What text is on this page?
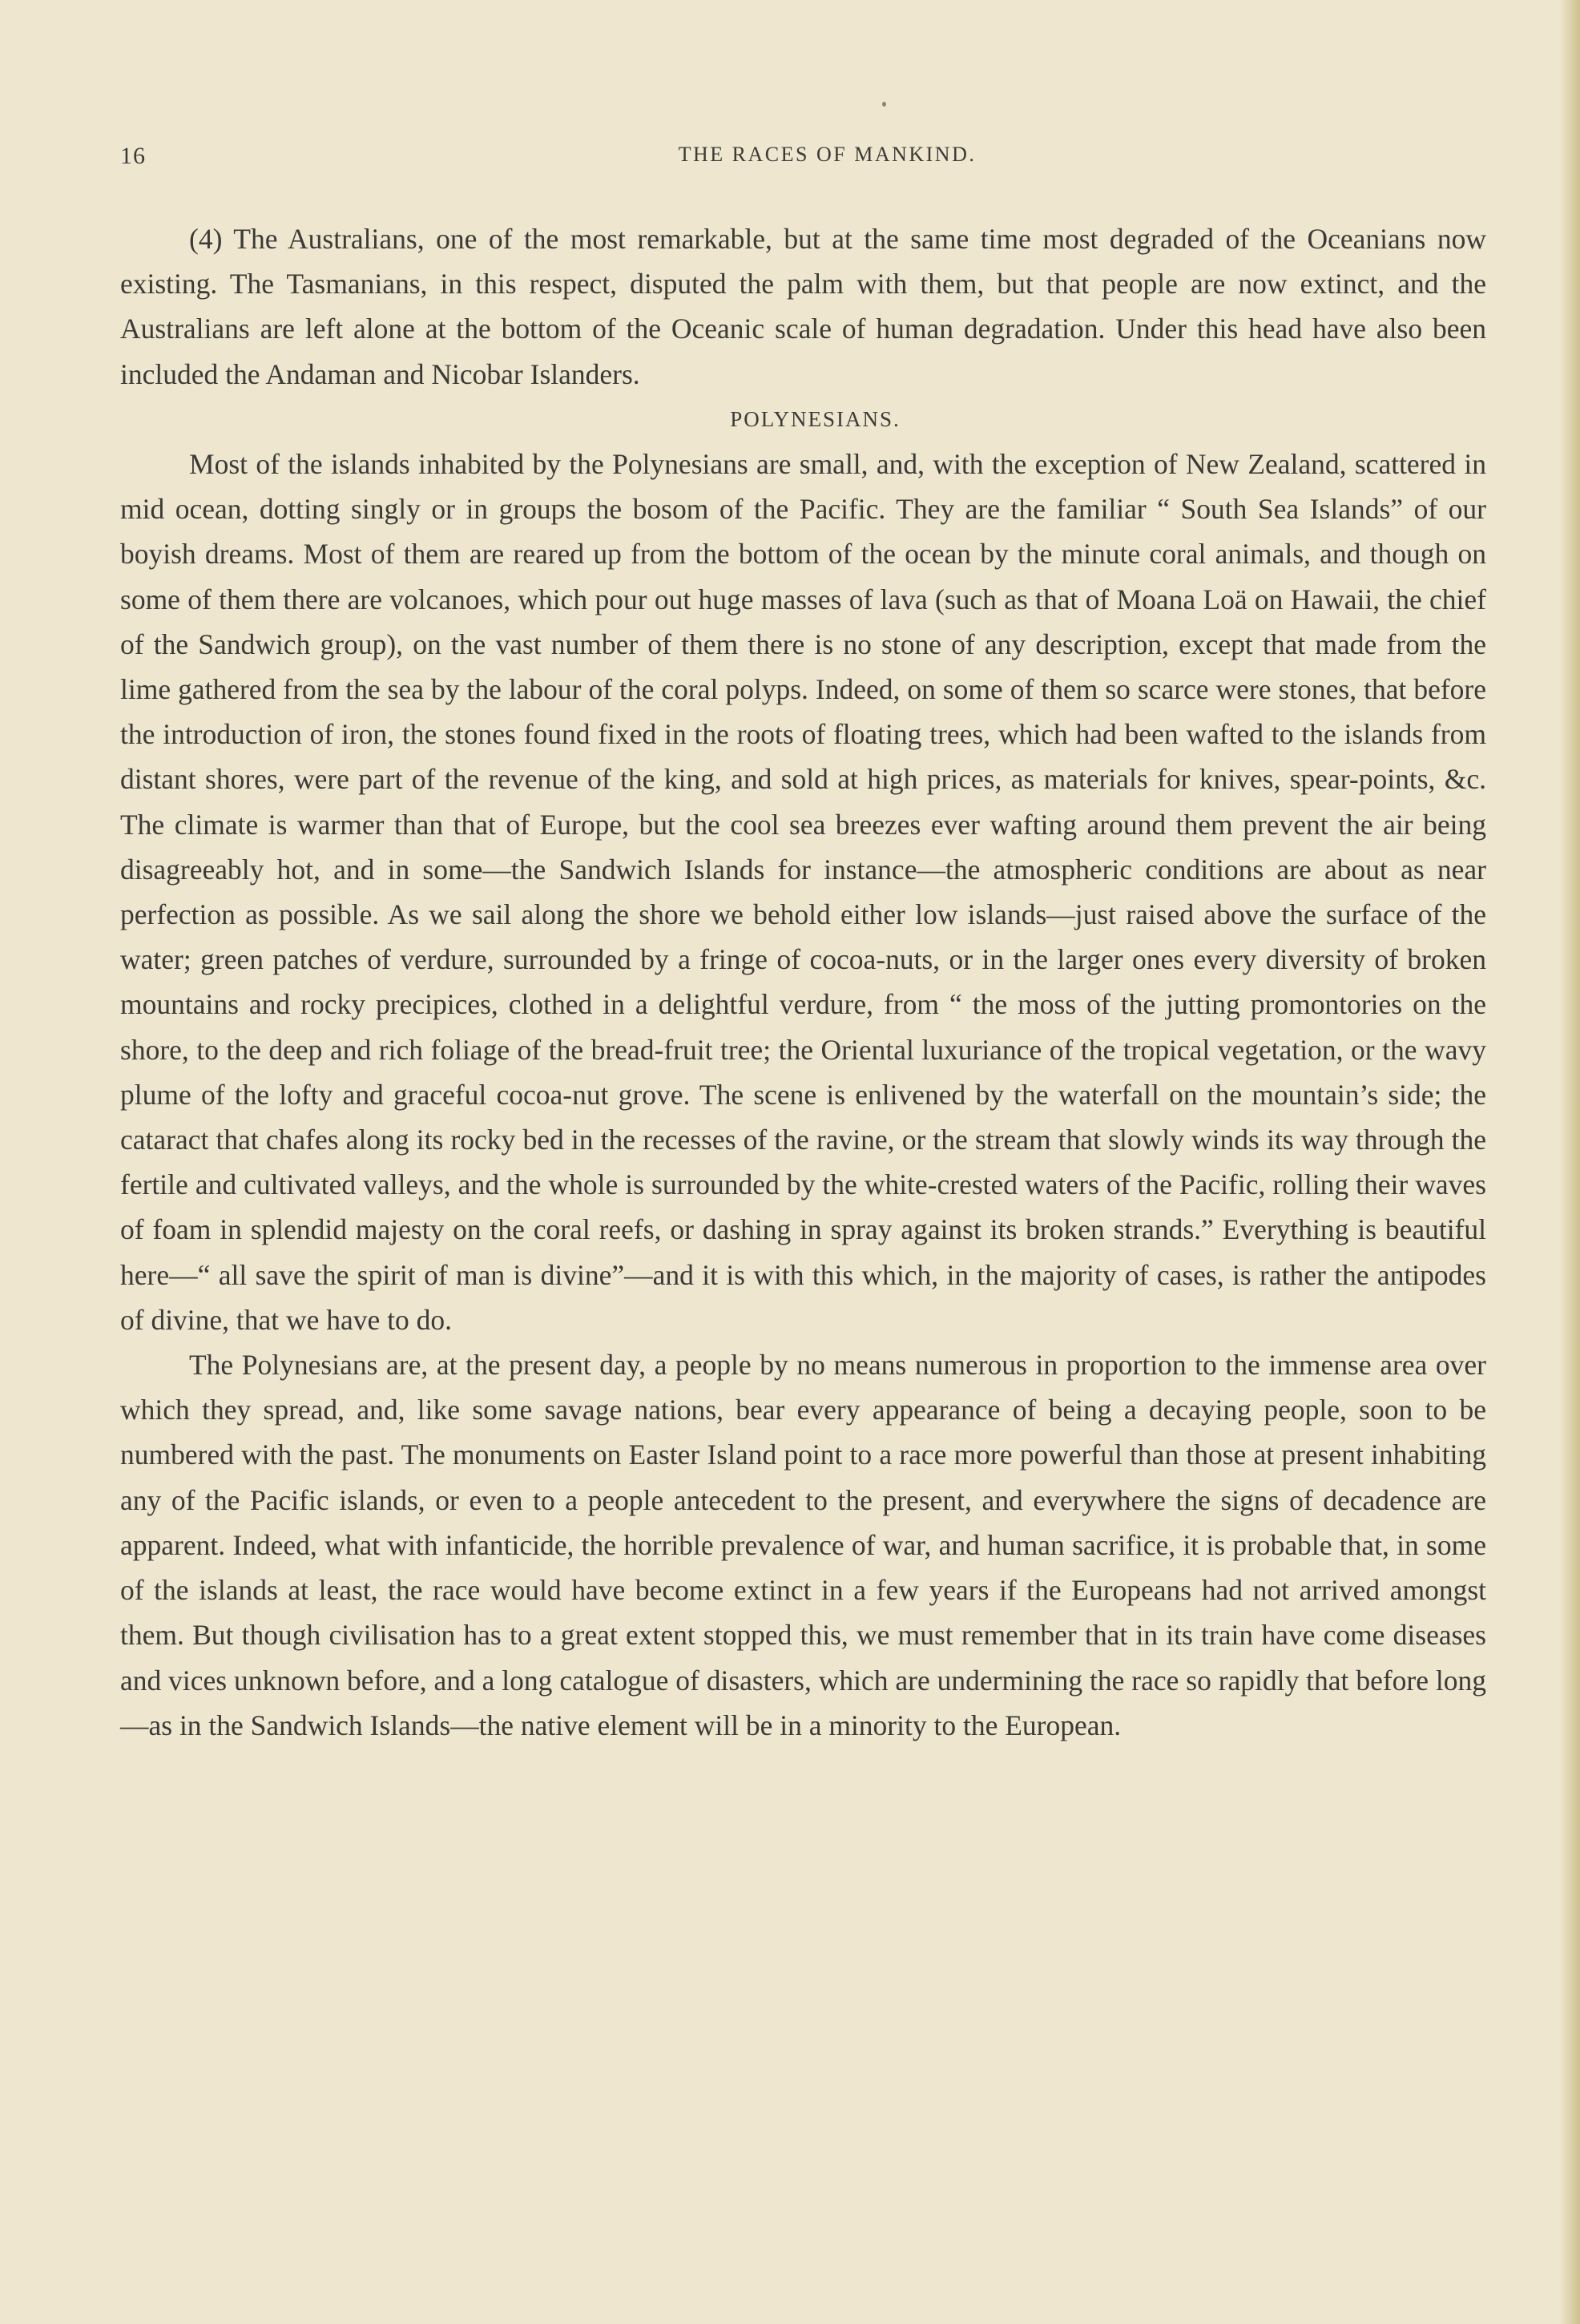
16	THE RACES OF MANKIND.

(4) The Australians, one of the most remarkable, but at the same time most degraded of the Oceanians now existing. The Tasmanians, in this respect, disputed the palm with them, but that people are now extinct, and the Australians are left alone at the bottom of the Oceanic scale of human degradation. Under this head have also been included the Andaman and Nicobar Islanders.

POLYNESIANS.

Most of the islands inhabited by the Polynesians are small, and, with the exception of New Zealand, scattered in mid ocean, dotting singly or in groups the bosom of the Pacific. They are the familiar “ South Sea Islands” of our boyish dreams. Most of them are reared up from the bottom of the ocean by the minute coral animals, and though on some of them there are volcanoes, which pour out huge masses of lava (such as that of Moana Loä on Hawaii, the chief of the Sandwich group), on the vast number of them there is no stone of any description, except that made from the lime gathered from the sea by the labour of the coral polyps. Indeed, on some of them so scarce were stones, that before the introduction of iron, the stones found fixed in the roots of floating trees, which had been wafted to the islands from distant shores, were part of the revenue of the king, and sold at high prices, as materials for knives, spear-points, &c. The climate is warmer than that of Europe, but the cool sea breezes ever wafting around them prevent the air being disagreeably hot, and in some—the Sandwich Islands for instance—the atmospheric conditions are about as near perfection as possible. As we sail along the shore we behold either low islands—just raised above the surface of the water; green patches of verdure, surrounded by a fringe of cocoa-nuts, or in the larger ones every diversity of broken mountains and rocky precipices, clothed in a delightful verdure, from “ the moss of the jutting promontories on the shore, to the deep and rich foliage of the bread-fruit tree; the Oriental luxuriance of the tropical vegetation, or the wavy plume of the lofty and graceful cocoa-nut grove. The scene is enlivened by the waterfall on the mountain’s side; the cataract that chafes along its rocky bed in the recesses of the ravine, or the stream that slowly winds its way through the fertile and cultivated valleys, and the whole is surrounded by the white-crested waters of the Pacific, rolling their waves of foam in splendid majesty on the coral reefs, or dashing in spray against its broken strands.” Everything is beautiful here—“ all save the spirit of man is divine”—and it is with this which, in the majority of cases, is rather the antipodes of divine, that we have to do.

The Polynesians are, at the present day, a people by no means numerous in proportion to the immense area over which they spread, and, like some savage nations, bear every appearance of being a decaying people, soon to be numbered with the past. The monuments on Easter Island point to a race more powerful than those at present inhabiting any of the Pacific islands, or even to a people antecedent to the present, and everywhere the signs of decadence are apparent. Indeed, what with infanticide, the horrible prevalence of war, and human sacrifice, it is probable that, in some of the islands at least, the race would have become extinct in a few years if the Europeans had not arrived amongst them. But though civilisation has to a great extent stopped this, we must remember that in its train have come diseases and vices unknown before, and a long catalogue of disasters, which are undermining the race so rapidly that before long—as in the Sandwich Islands—the native element will be in a minority to the European.
